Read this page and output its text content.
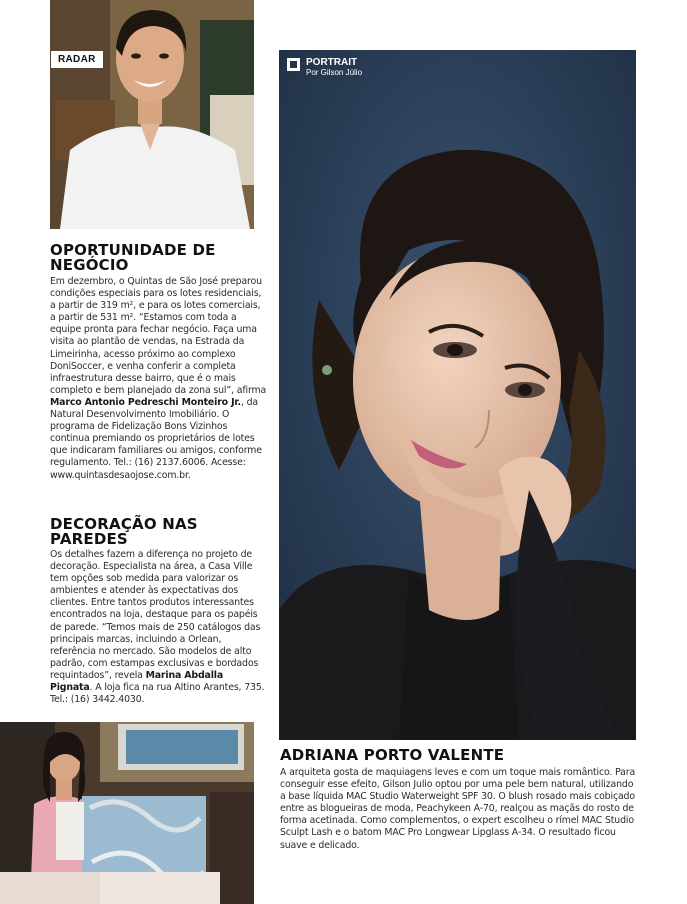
RADAR
OPORTUNIDADE DE NEGÓCIO

Em dezembro, o Quintas de São José preparou condições especiais para os lotes residenciais, a partir de 319 m², e para os lotes comerciais, a partir de 531 m². “Estamos com toda a equipe pronta para fechar negócio. Faça uma visita ao plantão de vendas, na Estrada da Limeirinha, acesso próximo ao complexo DoniSoccer, e venha conferir a completa infraestrutura desse bairro, que é o mais completo e bem planejado da zona sul”, afirma Marco Antonio Pedreschi Monteiro Jr., da Natural Desenvolvimento Imobiliário. O programa de Fidelização Bons Vizinhos continua premiando os proprietários de lotes que indicaram familiares ou amigos, conforme regulamento. Tel.: (16) 2137.6006. Acesse: www.quintasdesaojose.com.br.

DECORAÇÃO NAS PAREDES

Os detalhes fazem a diferença no projeto de decoração. Especialista na área, a Casa Ville tem opções sob medida para valorizar os ambientes e atender às expectativas dos clientes. Entre tantos produtos interessantes encontrados na loja, destaque para os papéis de parede. “Temos mais de 250 catálogos das principais marcas, incluindo a Orlean, referência no mercado. São modelos de alto padrão, com estampas exclusivas e bordados requintados”, revela Marina Abdalla Pignata. A loja fica na rua Altino Arantes, 735. Tel.: (16) 3442.4030.

PORTRAIT
Por Gilson Júlio
ADRIANA PORTO VALENTE

A arquiteta gosta de maquiagens leves e com um toque mais romântico. Para conseguir esse efeito, Gilson Julio optou por uma pele bem natural, utilizando a base líquida MAC Studio Waterweight SPF 30. O blush rosado mais cobiçado entre as blogueiras de moda, Peachykeen A-70, realçou as maçãs do rosto de forma acetinada. Como complementos, o expert escolheu o rímel MAC Studio Sculpt Lash e o batom MAC Pro Longwear Lipglass A-34. O resultado ficou suave e delicado.
